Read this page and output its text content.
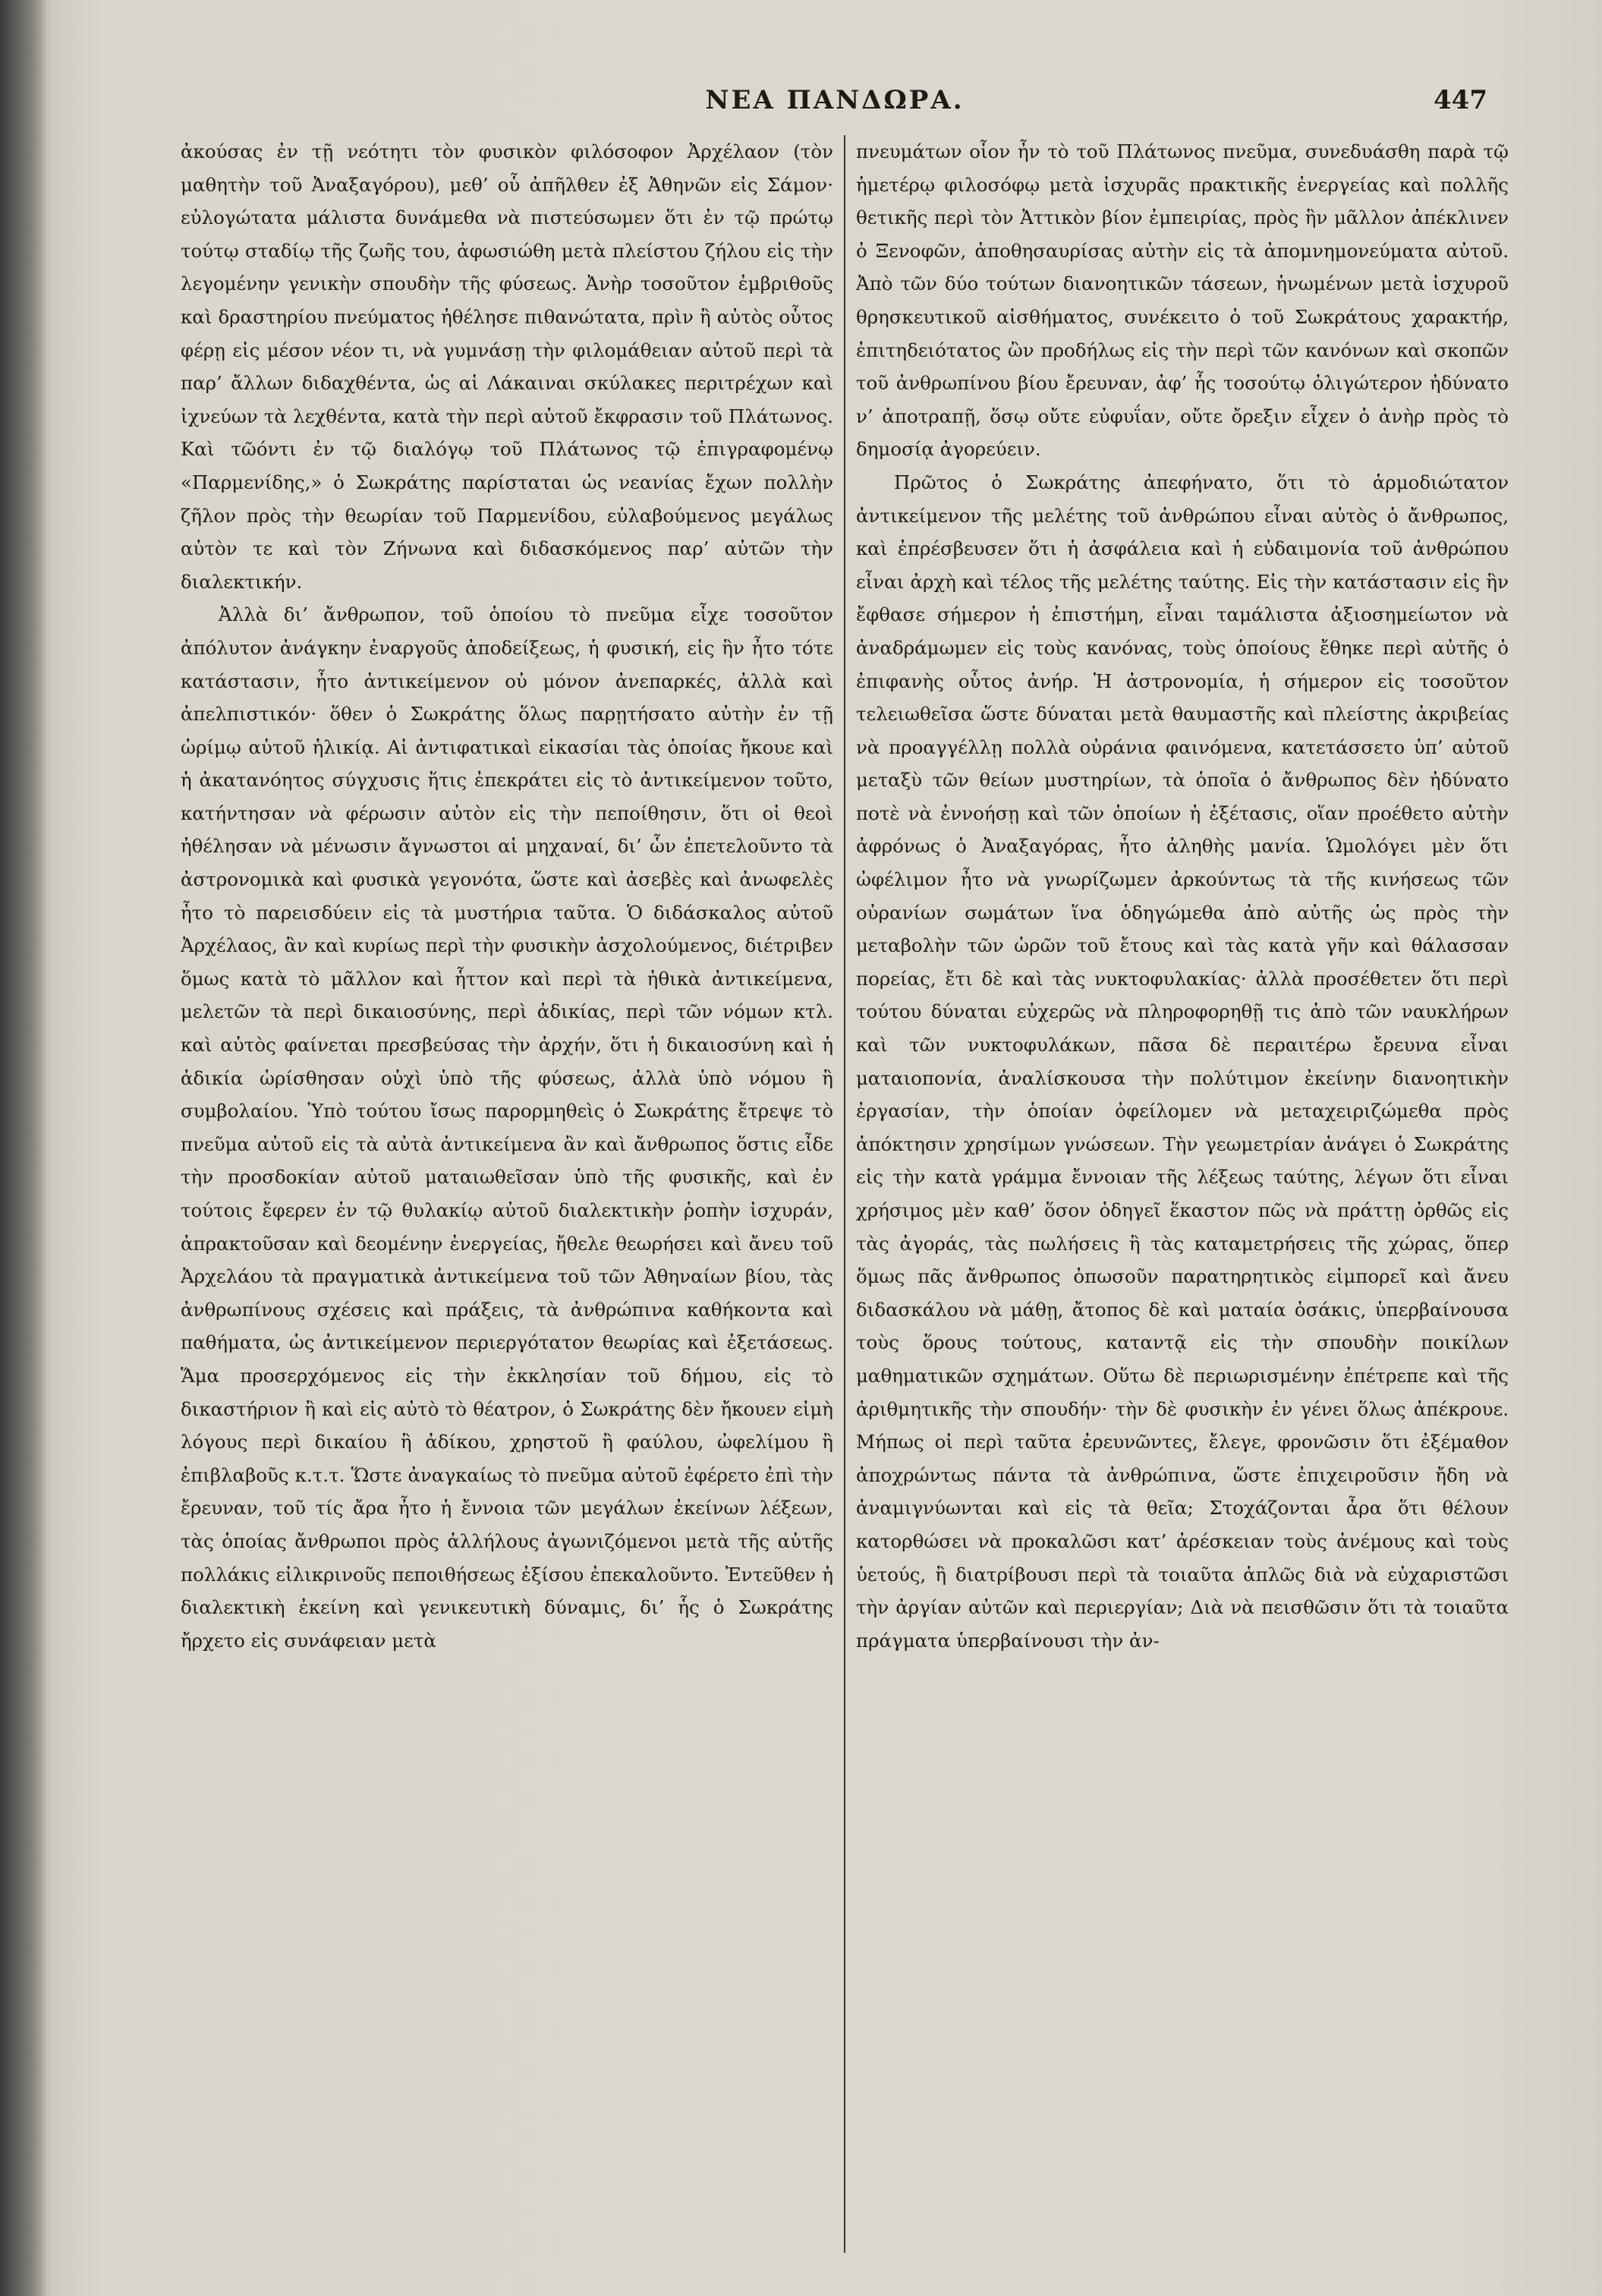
ΝΕΑ ΠΑΝΔΩΡΑ.	447

ἀκούσας ἐν τῇ νεότητι τὸν φυσικὸν φιλόσοφον Ἀρχέλαον (τὸν μαθητὴν τοῦ Ἀναξαγόρου), μεθ’ οὗ ἀπῆλθεν ἐξ Ἀθηνῶν εἰς Σάμον· εὐλογώτατα μάλιστα δυνάμεθα νὰ πιστεύσωμεν ὅτι ἐν τῷ πρώτῳ τούτῳ σταδίῳ τῆς ζωῆς του, ἀφωσιώθη μετὰ πλείστου ζήλου εἰς τὴν λεγομένην γενικὴν σπουδὴν τῆς φύσεως. Ἀνὴρ τοσοῦτον ἐμβριθοῦς καὶ δραστηρίου πνεύματος ἠθέλησε πιθανώτατα, πρὶν ἢ αὐτὸς οὗτος φέρῃ εἰς μέσον νέον τι, νὰ γυμνάσῃ τὴν φιλομάθειαν αὐτοῦ περὶ τὰ παρ’ ἄλλων διδαχθέντα, ὡς αἱ Λάκαιναι σκύλακες περιτρέχων καὶ ἰχνεύων τὰ λεχθέντα, κατὰ τὴν περὶ αὐτοῦ ἔκφρασιν τοῦ Πλάτωνος. Καὶ τῶόντι ἐν τῷ διαλόγῳ τοῦ Πλάτωνος τῷ ἐπιγραφομένῳ «Παρμενίδης,» ὁ Σωκράτης παρίσταται ὡς νεανίας ἔχων πολλὴν ζῆλον πρὸς τὴν θεωρίαν τοῦ Παρμενίδου, εὐλαβούμενος μεγάλως αὐτὸν τε καὶ τὸν Ζήνωνα καὶ διδασκόμενος παρ’ αὐτῶν τὴν διαλεκτικήν.

Ἀλλὰ δι’ ἄνθρωπον, τοῦ ὁποίου τὸ πνεῦμα εἶχε τοσοῦτον ἀπόλυτον ἀνάγκην ἐναργοῦς ἀποδείξεως, ἡ φυσική, εἰς ἣν ἦτο τότε κατάστασιν, ἦτο ἀντικείμενον οὐ μόνον ἀνεπαρκές, ἀλλὰ καὶ ἀπελπιστικόν· ὅθεν ὁ Σωκράτης ὅλως παρῃτήσατο αὐτὴν ἐν τῇ ὡρίμῳ αὐτοῦ ἡλικίᾳ. Αἱ ἀντιφατικαὶ εἰκασίαι τὰς ὁποίας ἤκουε καὶ ἡ ἀκατανόητος σύγχυσις ἥτις ἐπεκράτει εἰς τὸ ἀντικείμενον τοῦτο, κατήντησαν νὰ φέρωσιν αὐτὸν εἰς τὴν πεποίθησιν, ὅτι οἱ θεοὶ ἠθέλησαν νὰ μένωσιν ἄγνωστοι αἱ μηχαναί, δι’ ὧν ἐπετελοῦντο τὰ ἀστρονομικὰ καὶ φυσικὰ γεγονότα, ὥστε καὶ ἀσεβὲς καὶ ἀνωφελὲς ἦτο τὸ παρεισδύειν εἰς τὰ μυστήρια ταῦτα. Ὁ διδάσκαλος αὐτοῦ Ἀρχέλαος, ἂν καὶ κυρίως περὶ τὴν φυσικὴν ἀσχολούμενος, διέτριβεν ὅμως κατὰ τὸ μᾶλλον καὶ ἧττον καὶ περὶ τὰ ἠθικὰ ἀντικείμενα, μελετῶν τὰ περὶ δικαιοσύνης, περὶ ἀδικίας, περὶ τῶν νόμων κτλ. καὶ αὐτὸς φαίνεται πρεσβεύσας τὴν ἀρχήν, ὅτι ἡ δικαιοσύνη καὶ ἡ ἀδικία ὡρίσθησαν οὐχὶ ὑπὸ τῆς φύσεως, ἀλλὰ ὑπὸ νόμου ἢ συμβολαίου. Ὑπὸ τούτου ἴσως παρορμηθεὶς ὁ Σωκράτης ἔτρεψε τὸ πνεῦμα αὐτοῦ εἰς τὰ αὐτὰ ἀντικείμενα ἂν καὶ ἄνθρωπος ὅστις εἶδε τὴν προσδοκίαν αὐτοῦ ματαιωθεῖσαν ὑπὸ τῆς φυσικῆς, καὶ ἐν τούτοις ἔφερεν ἐν τῷ θυλακίῳ αὐτοῦ διαλεκτικὴν ῥοπὴν ἰσχυράν, ἀπρακτοῦσαν καὶ δεομένην ἐνεργείας, ἤθελε θεωρήσει καὶ ἄνευ τοῦ Ἀρχελάου τὰ πραγματικὰ ἀντικείμενα τοῦ τῶν Ἀθηναίων βίου, τὰς ἀνθρωπίνους σχέσεις καὶ πράξεις, τὰ ἀνθρώπινα καθήκοντα καὶ παθήματα, ὡς ἀντικείμενον περιεργότατον θεωρίας καὶ ἐξετάσεως. Ἅμα προσερχόμενος εἰς τὴν ἐκκλησίαν τοῦ δήμου, εἰς τὸ δικαστήριον ἢ καὶ εἰς αὐτὸ τὸ θέατρον, ὁ Σωκράτης δὲν ἤκουεν εἰμὴ λόγους περὶ δικαίου ἢ ἀδίκου, χρηστοῦ ἢ φαύλου, ὠφελίμου ἢ ἐπιβλαβοῦς κ.τ.τ. Ὥστε ἀναγκαίως τὸ πνεῦμα αὐτοῦ ἐφέρετο ἐπὶ τὴν ἔρευναν, τοῦ τίς ἄρα ἦτο ἡ ἔννοια τῶν μεγάλων ἐκείνων λέξεων, τὰς ὁποίας ἄνθρωποι πρὸς ἀλλήλους ἀγωνιζόμενοι μετὰ τῆς αὐτῆς πολλάκις εἰλικρινοῦς πεποιθήσεως ἐξίσου ἐπεκαλοῦντο. Ἐντεῦθεν ἡ διαλεκτικὴ ἐκείνη καὶ γενικευτικὴ δύναμις, δι’ ἧς ὁ Σωκράτης ἤρχετο εἰς συνάφειαν μετὰ

πνευμάτων οἷον ἦν τὸ τοῦ Πλάτωνος πνεῦμα, συνεδυάσθη παρὰ τῷ ἡμετέρῳ φιλοσόφῳ μετὰ ἰσχυρᾶς πρακτικῆς ἐνεργείας καὶ πολλῆς θετικῆς περὶ τὸν Ἀττικὸν βίον ἐμπειρίας, πρὸς ἣν μᾶλλον ἀπέκλινεν ὁ Ξενοφῶν, ἀποθησαυρίσας αὐτὴν εἰς τὰ ἀπομνημονεύματα αὐτοῦ. Ἀπὸ τῶν δύο τούτων διανοητικῶν τάσεων, ἡνωμένων μετὰ ἰσχυροῦ θρησκευτικοῦ αἰσθήματος, συνέκειτο ὁ τοῦ Σωκράτους χαρακτήρ, ἐπιτηδειότατος ὢν προδήλως εἰς τὴν περὶ τῶν κανόνων καὶ σκοπῶν τοῦ ἀνθρωπίνου βίου ἔρευναν, ἀφ’ ἧς τοσούτῳ ὀλιγώτερον ἠδύνατο ν’ ἀποτραπῇ, ὅσῳ οὔτε εὐφυΐαν, οὔτε ὄρεξιν εἶχεν ὁ ἀνὴρ πρὸς τὸ δημοσίᾳ ἀγορεύειν.

Πρῶτος ὁ Σωκράτης ἀπεφήνατο, ὅτι τὸ ἁρμοδιώτατον ἀντικείμενον τῆς μελέτης τοῦ ἀνθρώπου εἶναι αὐτὸς ὁ ἄνθρωπος, καὶ ἐπρέσβευσεν ὅτι ἡ ἀσφάλεια καὶ ἡ εὐδαιμονία τοῦ ἀνθρώπου εἶναι ἀρχὴ καὶ τέλος τῆς μελέτης ταύτης. Εἰς τὴν κατάστασιν εἰς ἣν ἔφθασε σήμερον ἡ ἐπιστήμη, εἶναι ταμάλιστα ἀξιοσημείωτον νὰ ἀναδράμωμεν εἰς τοὺς κανόνας, τοὺς ὁποίους ἔθηκε περὶ αὐτῆς ὁ ἐπιφανὴς οὗτος ἀνήρ. Ἡ ἀστρονομία, ἡ σήμερον εἰς τοσοῦτον τελειωθεῖσα ὥστε δύναται μετὰ θαυμαστῆς καὶ πλείστης ἀκριβείας νὰ προαγγέλλῃ πολλὰ οὐράνια φαινόμενα, κατετάσσετο ὑπ’ αὐτοῦ μεταξὺ τῶν θείων μυστηρίων, τὰ ὁποῖα ὁ ἄνθρωπος δὲν ἠδύνατο ποτὲ νὰ ἐννοήσῃ καὶ τῶν ὁποίων ἡ ἐξέτασις, οἵαν προέθετο αὐτὴν ἀφρόνως ὁ Ἀναξαγόρας, ἦτο ἀληθὴς μανία. Ὡμολόγει μὲν ὅτι ὠφέλιμον ἦτο νὰ γνωρίζωμεν ἀρκούντως τὰ τῆς κινήσεως τῶν οὐρανίων σωμάτων ἵνα ὁδηγώμεθα ἀπὸ αὐτῆς ὡς πρὸς τὴν μεταβολὴν τῶν ὡρῶν τοῦ ἔτους καὶ τὰς κατὰ γῆν καὶ θάλασσαν πορείας, ἔτι δὲ καὶ τὰς νυκτοφυλακίας· ἀλλὰ προσέθετεν ὅτι περὶ τούτου δύναται εὐχερῶς νὰ πληροφορηθῇ τις ἀπὸ τῶν ναυκλήρων καὶ τῶν νυκτοφυλάκων, πᾶσα δὲ περαιτέρω ἔρευνα εἶναι ματαιοπονία, ἀναλίσκουσα τὴν πολύτιμον ἐκείνην διανοητικὴν ἐργασίαν, τὴν ὁποίαν ὀφείλομεν νὰ μεταχειριζώμεθα πρὸς ἀπόκτησιν χρησίμων γνώσεων. Τὴν γεωμετρίαν ἀνάγει ὁ Σωκράτης εἰς τὴν κατὰ γράμμα ἔννοιαν τῆς λέξεως ταύτης, λέγων ὅτι εἶναι χρήσιμος μὲν καθ’ ὅσον ὁδηγεῖ ἕκαστον πῶς νὰ πράττῃ ὀρθῶς εἰς τὰς ἀγοράς, τὰς πωλήσεις ἢ τὰς καταμετρήσεις τῆς χώρας, ὅπερ ὅμως πᾶς ἄνθρωπος ὁπωσοῦν παρατηρητικὸς εἰμπορεῖ καὶ ἄνευ διδασκάλου νὰ μάθῃ, ἄτοπος δὲ καὶ ματαία ὁσάκις, ὑπερβαίνουσα τοὺς ὅρους τούτους, καταντᾷ εἰς τὴν σπουδὴν ποικίλων μαθηματικῶν σχημάτων. Οὕτω δὲ περιωρισμένην ἐπέτρεπε καὶ τῆς ἀριθμητικῆς τὴν σπουδήν· τὴν δὲ φυσικὴν ἐν γένει ὅλως ἀπέκρουε. Μήπως οἱ περὶ ταῦτα ἐρευνῶντες, ἔλεγε, φρονῶσιν ὅτι ἐξέμαθον ἀποχρώντως πάντα τὰ ἀνθρώπινα, ὥστε ἐπιχειροῦσιν ἤδη νὰ ἀναμιγνύωνται καὶ εἰς τὰ θεῖα; Στοχάζονται ἆρα ὅτι θέλουν κατορθώσει νὰ προκαλῶσι κατ’ ἀρέσκειαν τοὺς ἀνέμους καὶ τοὺς ὑετούς, ἢ διατρίβουσι περὶ τὰ τοιαῦτα ἁπλῶς διὰ νὰ εὐχαριστῶσι τὴν ἀργίαν αὐτῶν καὶ περιεργίαν; Διὰ νὰ πεισθῶσιν ὅτι τὰ τοιαῦτα πράγματα ὑπερβαίνουσι τὴν ἀν-
